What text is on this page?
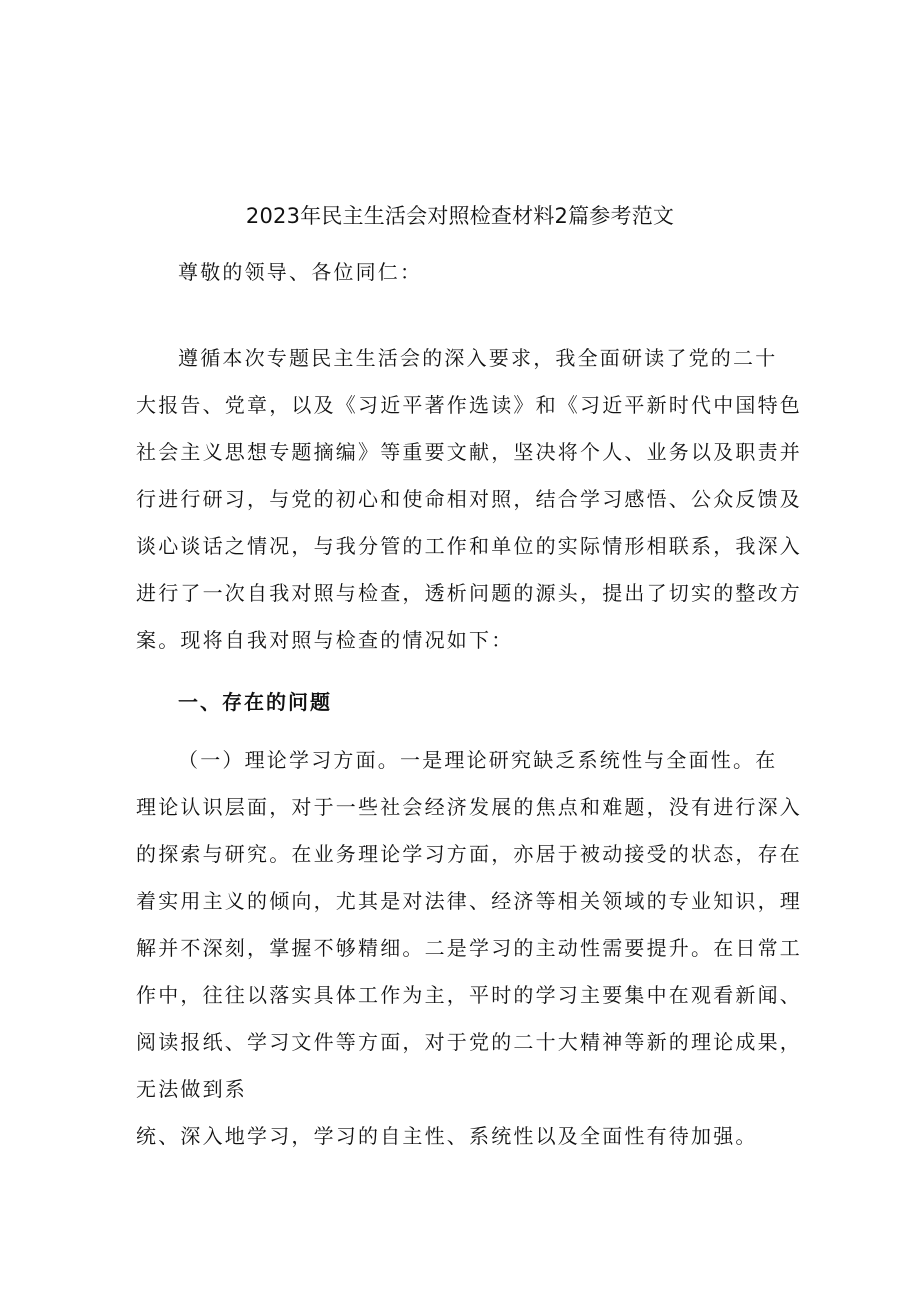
2023年民主生活会对照检查材料2篇参考范文
尊敬的领导、各位同仁：
遵循本次专题民主生活会的深入要求，我全面研读了党的二十
大报告、党章，以及《习近平著作选读》和《习近平新时代中国特色
社会主义思想专题摘编》等重要文献，坚决将个人、业务以及职责并
行进行研习，与党的初心和使命相对照，结合学习感悟、公众反馈及
谈心谈话之情况，与我分管的工作和单位的实际情形相联系，我深入
进行了一次自我对照与检查，透析问题的源头，提出了切实的整改方
案。现将自我对照与检查的情况如下：
一、存在的问题
（一）理论学习方面。一是理论研究缺乏系统性与全面性。在
理论认识层面，对于一些社会经济发展的焦点和难题，没有进行深入
的探索与研究。在业务理论学习方面，亦居于被动接受的状态，存在
着实用主义的倾向，尤其是对法律、经济等相关领域的专业知识，理
解并不深刻，掌握不够精细。二是学习的主动性需要提升。在日常工
作中，往往以落实具体工作为主，平时的学习主要集中在观看新闻、
阅读报纸、学习文件等方面，对于党的二十大精神等新的理论成果，
无法做到系
统、深入地学习，学习的自主性、系统性以及全面性有待加强。
